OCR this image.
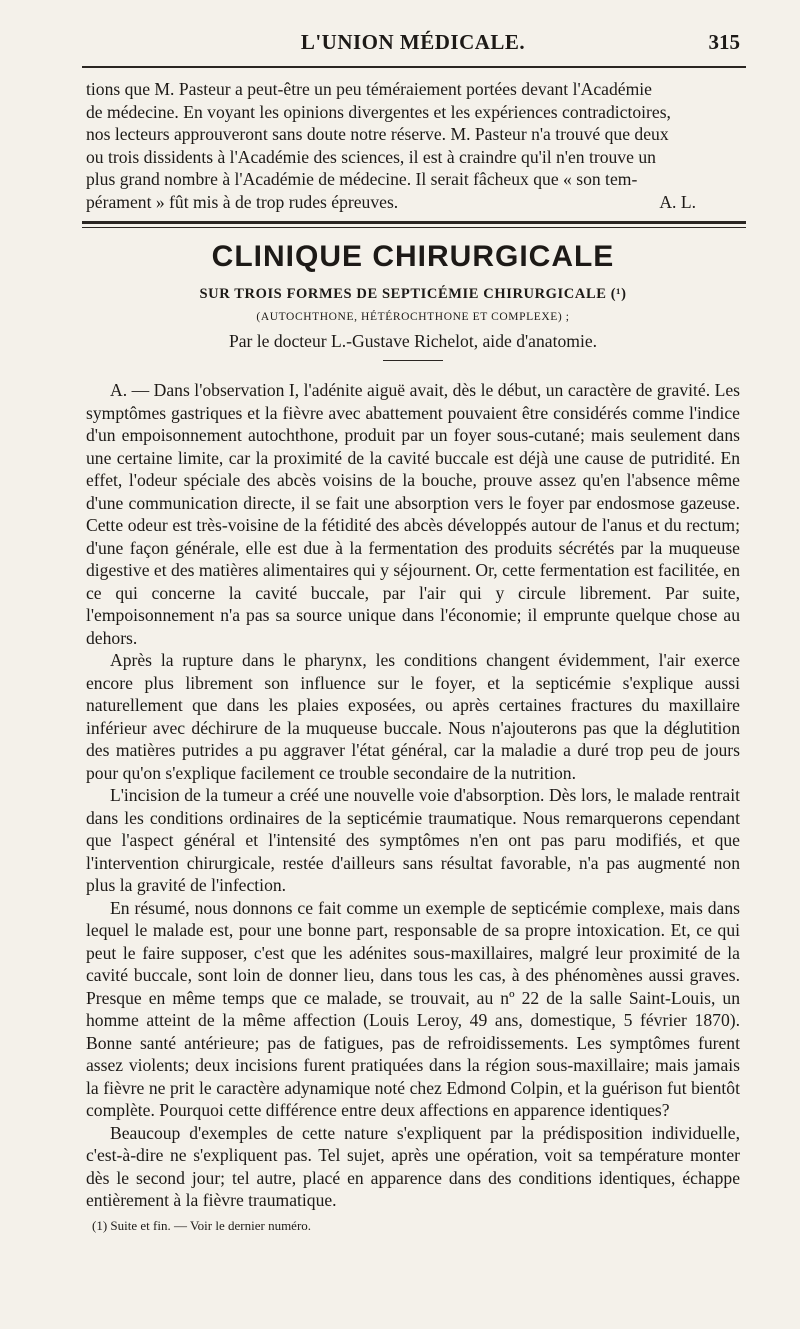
L'UNION MÉDICALE.	315

tions que M. Pasteur a peut-être un peu téméraiement portées devant l'Académie

de médecine. En voyant les opinions divergentes et les expériences contradictoires,

nos lecteurs approuveront sans doute notre réserve. M. Pasteur n'a trouvé que deux

ou trois dissidents à l'Académie des sciences, il est à craindre qu'il n'en trouve un

plus grand nombre à l'Académie de médecine. Il serait fâcheux que « son tem-

pérament » fût mis à de trop rudes épreuves.	A. L.

CLINIQUE CHIRURGICALE
SUR TROIS FORMES DE SEPTICÉMIE CHIRURGICALE (¹)
(AUTOCHTHONE, HÉTÉROCHTHONE ET COMPLEXE) ;
Par le docteur L.-Gustave Richelot, aide d'anatomie.

A. — Dans l'observation I, l'adénite aiguë avait, dès le début, un caractère de gravité. Les symptômes gastriques et la fièvre avec abattement pouvaient être considérés comme l'indice d'un empoisonnement autochthone, produit par un foyer sous-cutané; mais seulement dans une certaine limite, car la proximité de la cavité buccale est déjà une cause de putridité. En effet, l'odeur spéciale des abcès voisins de la bouche, prouve assez qu'en l'absence même d'une communication directe, il se fait une absorption vers le foyer par endosmose gazeuse. Cette odeur est très-voisine de la fétidité des abcès développés autour de l'anus et du rectum; d'une façon générale, elle est due à la fermentation des produits sécrétés par la muqueuse digestive et des matières alimentaires qui y séjournent. Or, cette fermentation est facilitée, en ce qui concerne la cavité buccale, par l'air qui y circule librement. Par suite, l'empoisonnement n'a pas sa source unique dans l'économie; il emprunte quelque chose au dehors.

Après la rupture dans le pharynx, les conditions changent évidemment, l'air exerce encore plus librement son influence sur le foyer, et la septicémie s'explique aussi naturellement que dans les plaies exposées, ou après certaines fractures du maxillaire inférieur avec déchirure de la muqueuse buccale. Nous n'ajouterons pas que la déglutition des matières putrides a pu aggraver l'état général, car la maladie a duré trop peu de jours pour qu'on s'explique facilement ce trouble secondaire de la nutrition.

L'incision de la tumeur a créé une nouvelle voie d'absorption. Dès lors, le malade rentrait dans les conditions ordinaires de la septicémie traumatique. Nous remarquerons cependant que l'aspect général et l'intensité des symptômes n'en ont pas paru modifiés, et que l'intervention chirurgicale, restée d'ailleurs sans résultat favorable, n'a pas augmenté non plus la gravité de l'infection.

En résumé, nous donnons ce fait comme un exemple de septicémie complexe, mais dans lequel le malade est, pour une bonne part, responsable de sa propre intoxication. Et, ce qui peut le faire supposer, c'est que les adénites sous-maxillaires, malgré leur proximité de la cavité buccale, sont loin de donner lieu, dans tous les cas, à des phénomènes aussi graves. Presque en même temps que ce malade, se trouvait, au nº 22 de la salle Saint-Louis, un homme atteint de la même affection (Louis Leroy, 49 ans, domestique, 5 février 1870). Bonne santé antérieure; pas de fatigues, pas de refroidissements. Les symptômes furent assez violents; deux incisions furent pratiquées dans la région sous-maxillaire; mais jamais la fièvre ne prit le caractère adynamique noté chez Edmond Colpin, et la guérison fut bientôt complète. Pourquoi cette différence entre deux affections en apparence identiques?

Beaucoup d'exemples de cette nature s'expliquent par la prédisposition individuelle, c'est-à-dire ne s'expliquent pas. Tel sujet, après une opération, voit sa température monter dès le second jour; tel autre, placé en apparence dans des conditions identiques, échappe entièrement à la fièvre traumatique.

(1) Suite et fin. — Voir le dernier numéro.
